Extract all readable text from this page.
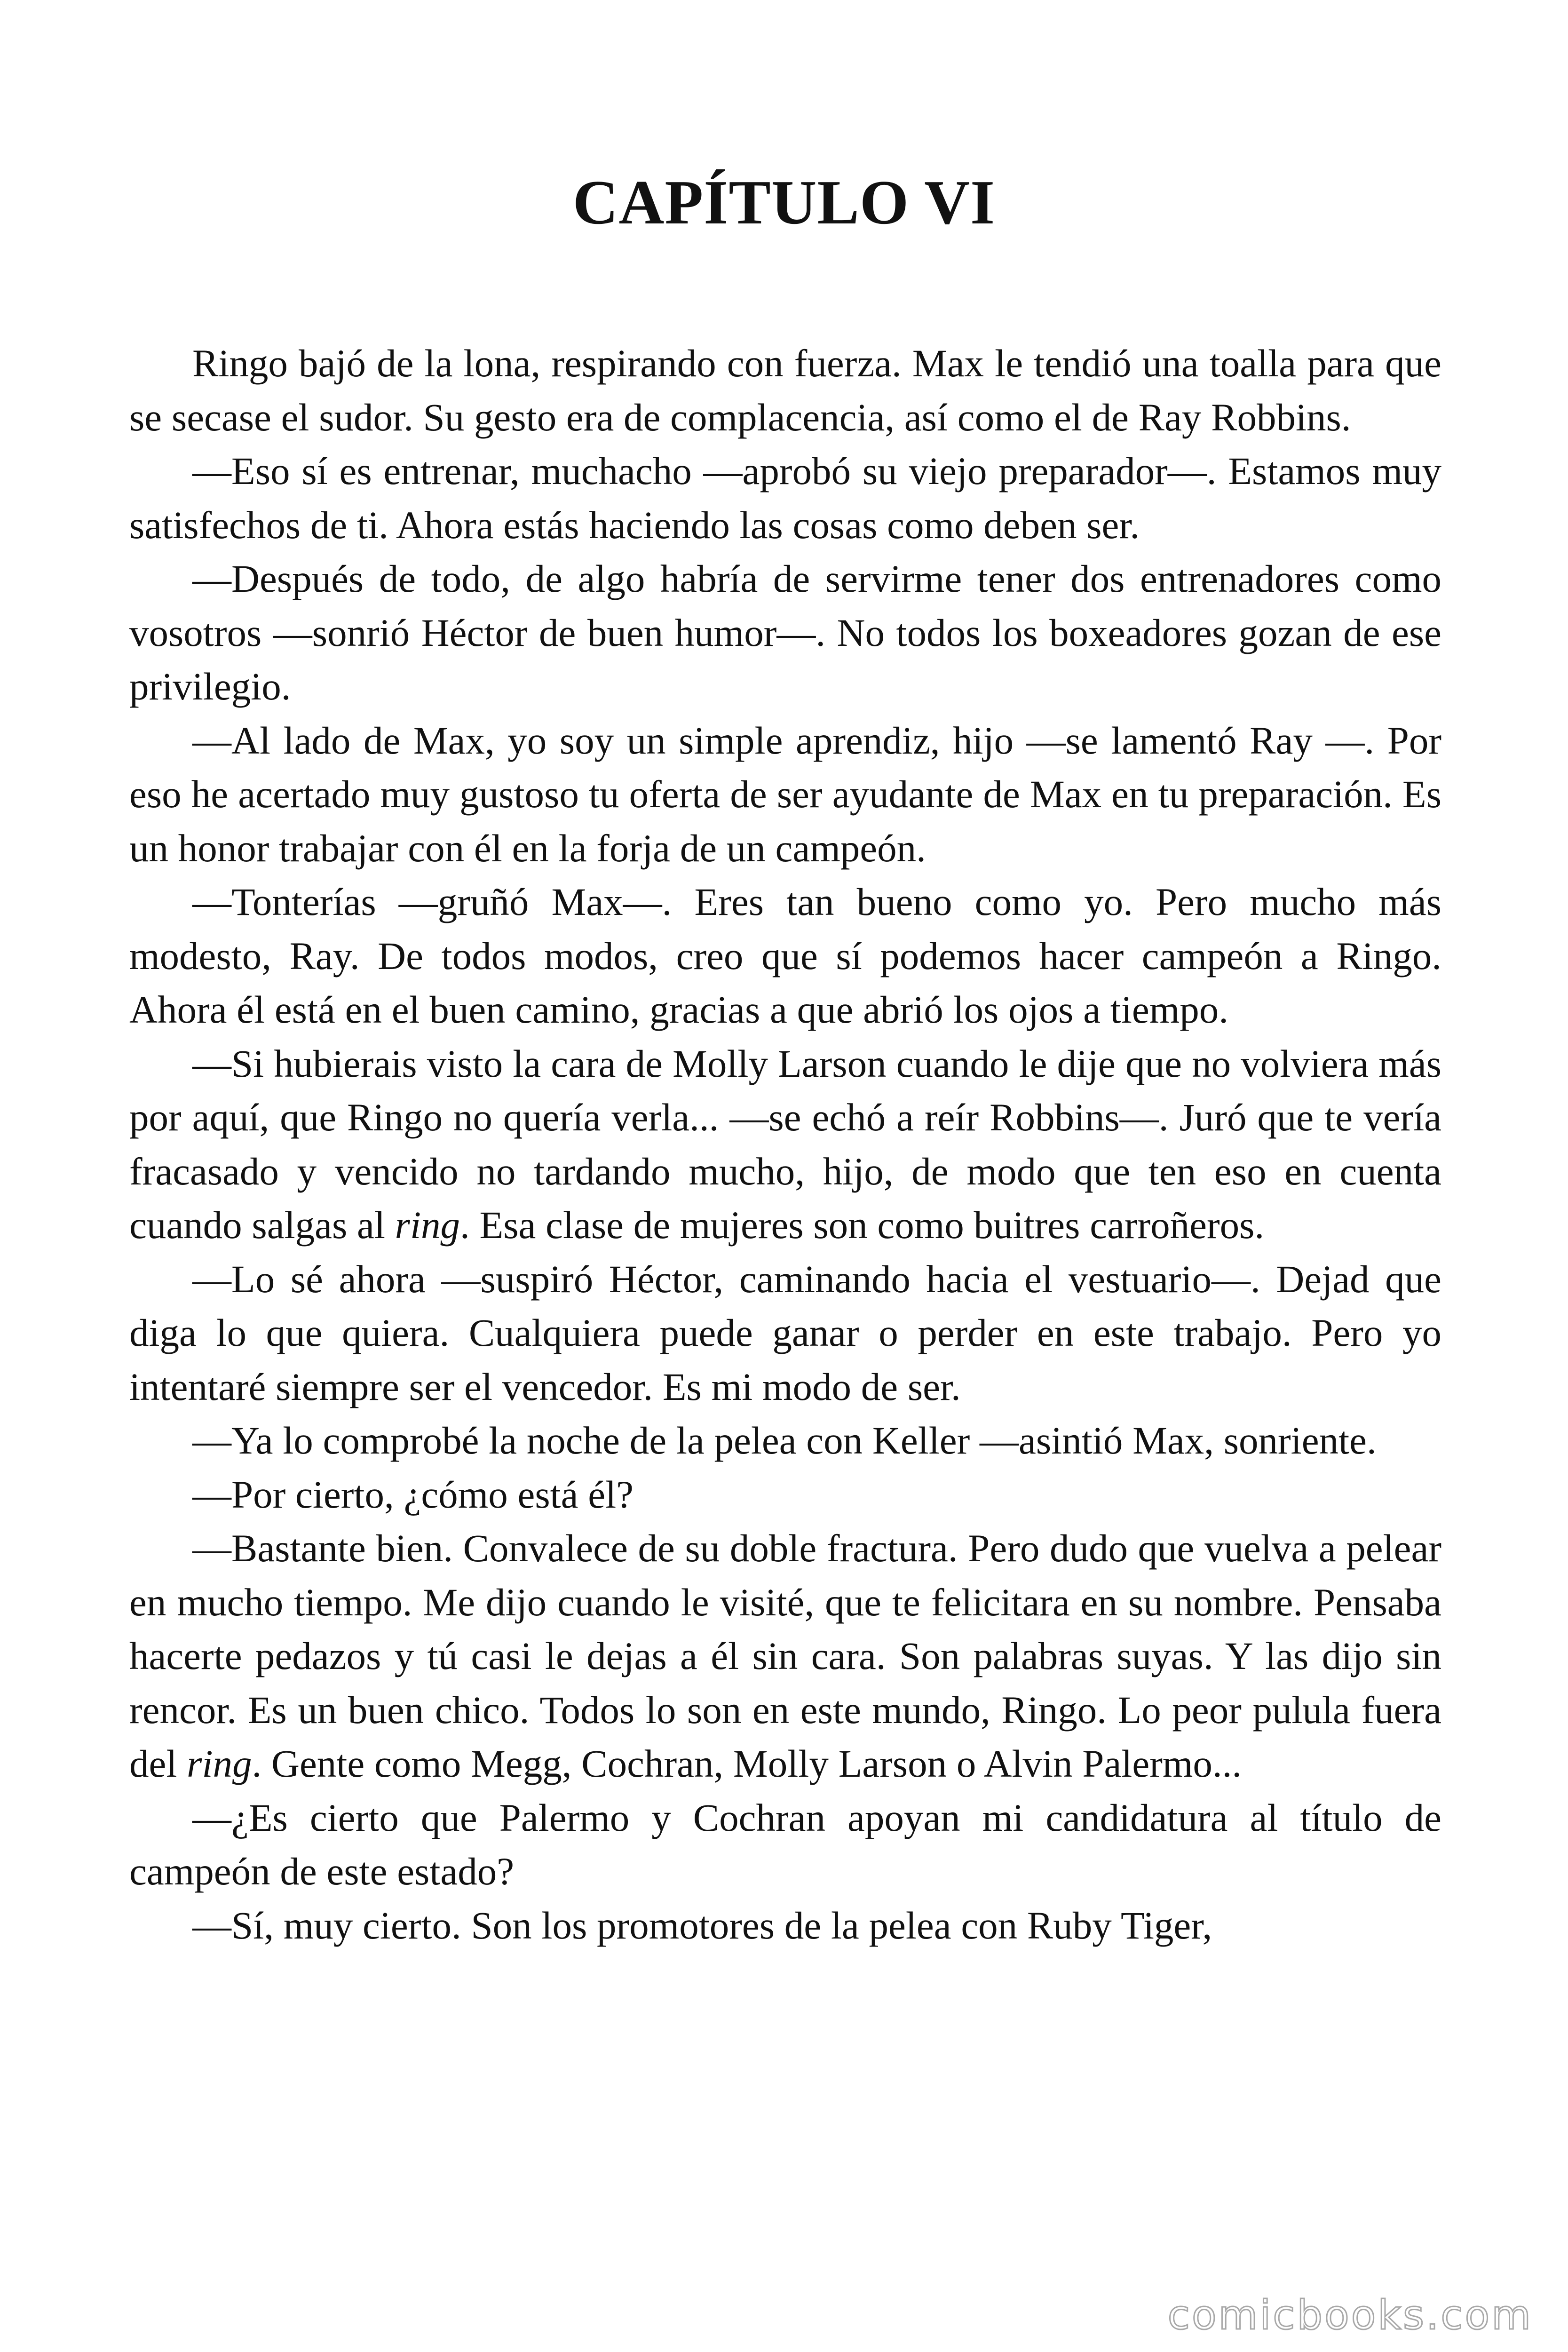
CAPÍTULO VI

Ringo bajó de la lona, respirando con fuerza. Max le tendió una toalla para que se secase el sudor. Su gesto era de complacencia, así como el de Ray Robbins.

—Eso sí es entrenar, muchacho —aprobó su viejo preparador—. Estamos muy satisfechos de ti. Ahora estás haciendo las cosas como deben ser.

—Después de todo, de algo habría de servirme tener dos entrenadores como vosotros —sonrió Héctor de buen humor—. No todos los boxeadores gozan de ese privilegio.

—Al lado de Max, yo soy un simple aprendiz, hijo —se lamentó Ray —. Por eso he acertado muy gustoso tu oferta de ser ayudante de Max en tu preparación. Es un honor trabajar con él en la forja de un campeón.

—Tonterías —gruñó Max—. Eres tan bueno como yo. Pero mucho más modesto, Ray. De todos modos, creo que sí podemos hacer campeón a Ringo. Ahora él está en el buen camino, gracias a que abrió los ojos a tiempo.

—Si hubierais visto la cara de Molly Larson cuando le dije que no volviera más por aquí, que Ringo no quería verla... —se echó a reír Robbins—. Juró que te vería fracasado y vencido no tardando mucho, hijo, de modo que ten eso en cuenta cuando salgas al ring. Esa clase de mujeres son como buitres carroñeros.

—Lo sé ahora —suspiró Héctor, caminando hacia el vestuario—. Dejad que diga lo que quiera. Cualquiera puede ganar o perder en este trabajo. Pero yo intentaré siempre ser el vencedor. Es mi modo de ser.

—Ya lo comprobé la noche de la pelea con Keller —asintió Max, sonriente.

—Por cierto, ¿cómo está él?

—Bastante bien. Convalece de su doble fractura. Pero dudo que vuelva a pelear en mucho tiempo. Me dijo cuando le visité, que te felicitara en su nombre. Pensaba hacerte pedazos y tú casi le dejas a él sin cara. Son palabras suyas. Y las dijo sin rencor. Es un buen chico. Todos lo son en este mundo, Ringo. Lo peor pulula fuera del ring. Gente como Megg, Cochran, Molly Larson o Alvin Palermo...

—¿Es cierto que Palermo y Cochran apoyan mi candidatura al título de campeón de este estado?

—Sí, muy cierto. Son los promotores de la pelea con Ruby Tiger,

comicbooks.com
